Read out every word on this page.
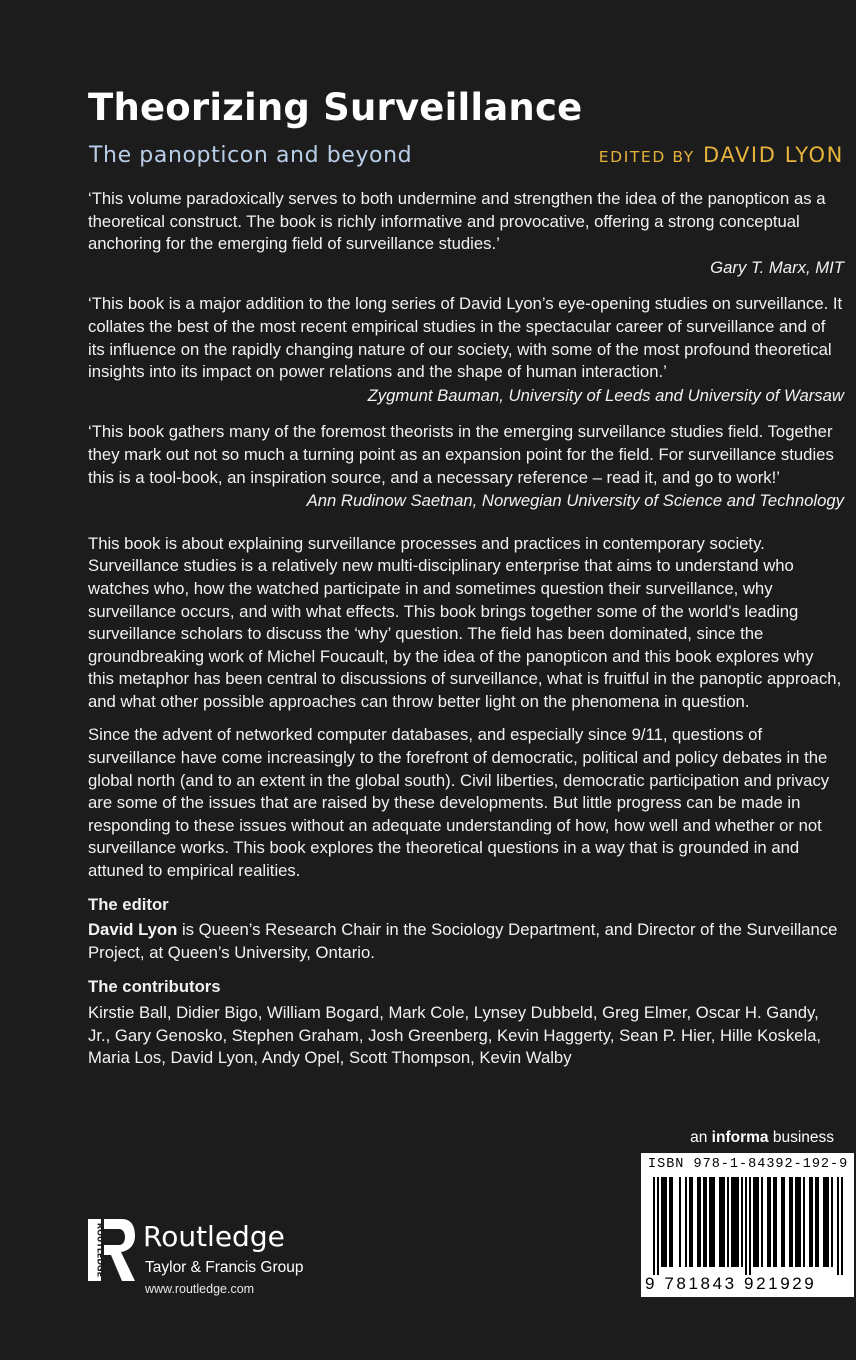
Theorizing Surveillance
The panopticon and beyond	EDITED BY DAVID LYON

‘This volume paradoxically serves to both undermine and strengthen the idea of the panopticon as a theoretical construct. The book is richly informative and provocative, offering a strong conceptual anchoring for the emerging field of surveillance studies.’

Gary T. Marx, MIT

‘This book is a major addition to the long series of David Lyon’s eye-opening studies on surveillance. It collates the best of the most recent empirical studies in the spectacular career of surveillance and of its influence on the rapidly changing nature of our society, with some of the most profound theoretical insights into its impact on power relations and the shape of human interaction.’

Zygmunt Bauman, University of Leeds and University of Warsaw

‘This book gathers many of the foremost theorists in the emerging surveillance studies field. Together they mark out not so much a turning point as an expansion point for the field. For surveillance studies this is a tool-book, an inspiration source, and a necessary reference – read it, and go to work!’

Ann Rudinow Saetnan, Norwegian University of Science and Technology

This book is about explaining surveillance processes and practices in contemporary society. Surveillance studies is a relatively new multi-disciplinary enterprise that aims to understand who watches who, how the watched participate in and sometimes question their surveillance, why surveillance occurs, and with what effects. This book brings together some of the world's leading surveillance scholars to discuss the ‘why’ question. The field has been dominated, since the groundbreaking work of Michel Foucault, by the idea of the panopticon and this book explores why this metaphor has been central to discussions of surveillance, what is fruitful in the panoptic approach, and what other possible approaches can throw better light on the phenomena in question.

Since the advent of networked computer databases, and especially since 9/11, questions of surveillance have come increasingly to the forefront of democratic, political and policy debates in the global north (and to an extent in the global south). Civil liberties, democratic participation and privacy are some of the issues that are raised by these developments. But little progress can be made in responding to these issues without an adequate understanding of how, how well and whether or not surveillance works. This book explores the theoretical questions in a way that is grounded in and attuned to empirical realities.

The editor

David Lyon is Queen’s Research Chair in the Sociology Department, and Director of the Surveillance Project, at Queen’s University, Ontario.

The contributors

Kirstie Ball, Didier Bigo, William Bogard, Mark Cole, Lynsey Dubbeld, Greg Elmer, Oscar H. Gandy, Jr., Gary Genosko, Stephen Graham, Josh Greenberg, Kevin Haggerty, Sean P. Hier, Hille Koskela, Maria Los, David Lyon, Andy Opel, Scott Thompson, Kevin Walby

an informa business
ISBN 978-1-84392-192-9
9 781843 921929
ROUTLEDGE Routledge
Taylor & Francis Group
www.routledge.com
